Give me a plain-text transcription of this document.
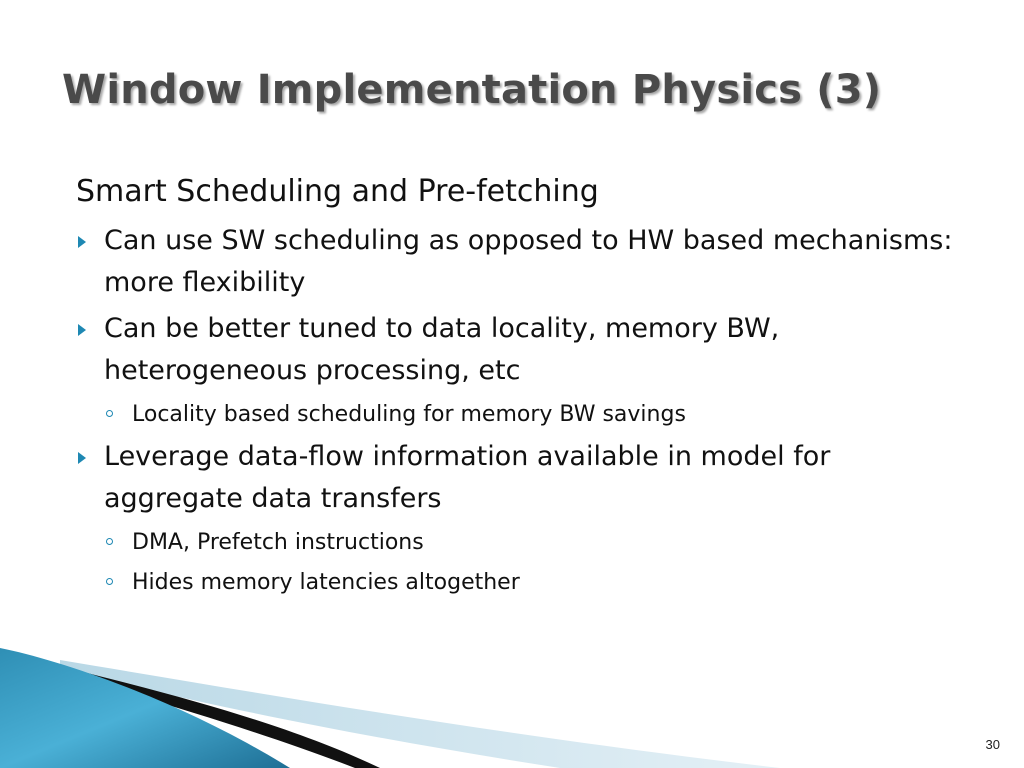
Window Implementation Physics (3)
Smart Scheduling and Pre-fetching
Can use SW scheduling as opposed to HW based mechanisms: more flexibility
Can be better tuned to data locality, memory BW, heterogeneous processing, etc
Locality based scheduling for memory BW savings
Leverage data-flow information available in model for aggregate data transfers
DMA, Prefetch instructions
Hides memory latencies altogether
30
